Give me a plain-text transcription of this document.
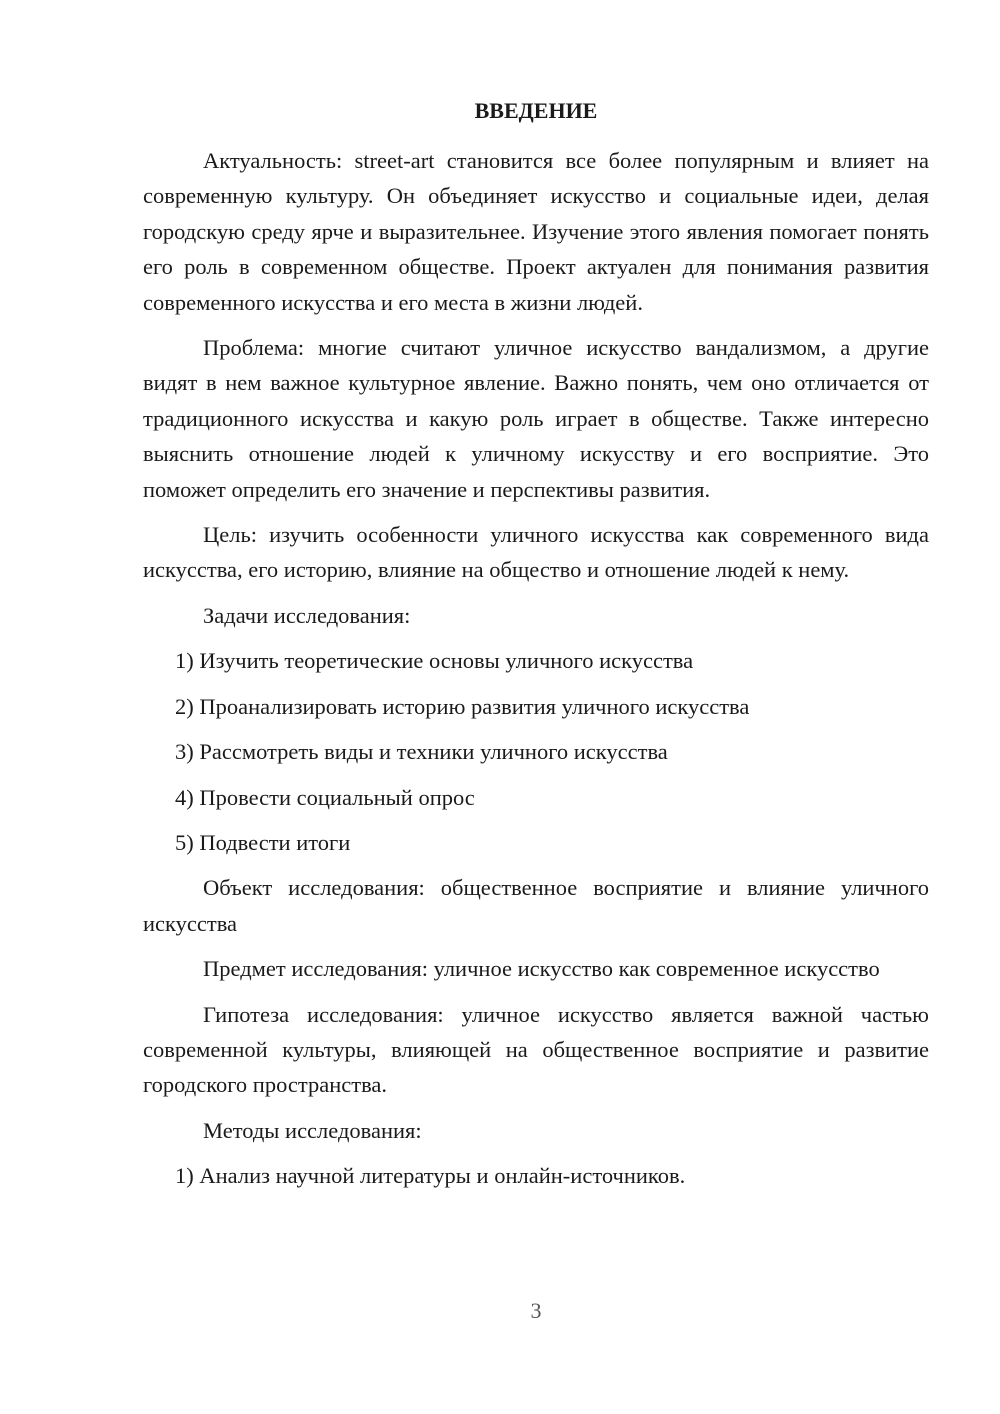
ВВЕДЕНИЕ

Актуальность: street-art становится все более популярным и влияет на современную культуру. Он объединяет искусство и социальные идеи, делая городскую среду ярче и выразительнее. Изучение этого явления помогает понять его роль в современном обществе. Проект актуален для понимания развития современного искусства и его места в жизни людей.

Проблема: многие считают уличное искусство вандализмом, а другие видят в нем важное культурное явление. Важно понять, чем оно отличается от традиционного искусства и какую роль играет в обществе. Также интересно выяснить отношение людей к уличному искусству и его восприятие. Это поможет определить его значение и перспективы развития.

Цель: изучить особенности уличного искусства как современного вида искусства, его историю, влияние на общество и отношение людей к нему.

Задачи исследования:

1) Изучить теоретические основы уличного искусства
2) Проанализировать историю развития уличного искусства
3) Рассмотреть виды и техники уличного искусства
4) Провести социальный опрос
5) Подвести итоги

Объект исследования: общественное восприятие и влияние уличного искусства

Предмет исследования: уличное искусство как современное искусство

Гипотеза исследования: уличное искусство является важной частью современной культуры, влияющей на общественное восприятие и развитие городского пространства.

Методы исследования:

1) Анализ научной литературы и онлайн-источников.
3
